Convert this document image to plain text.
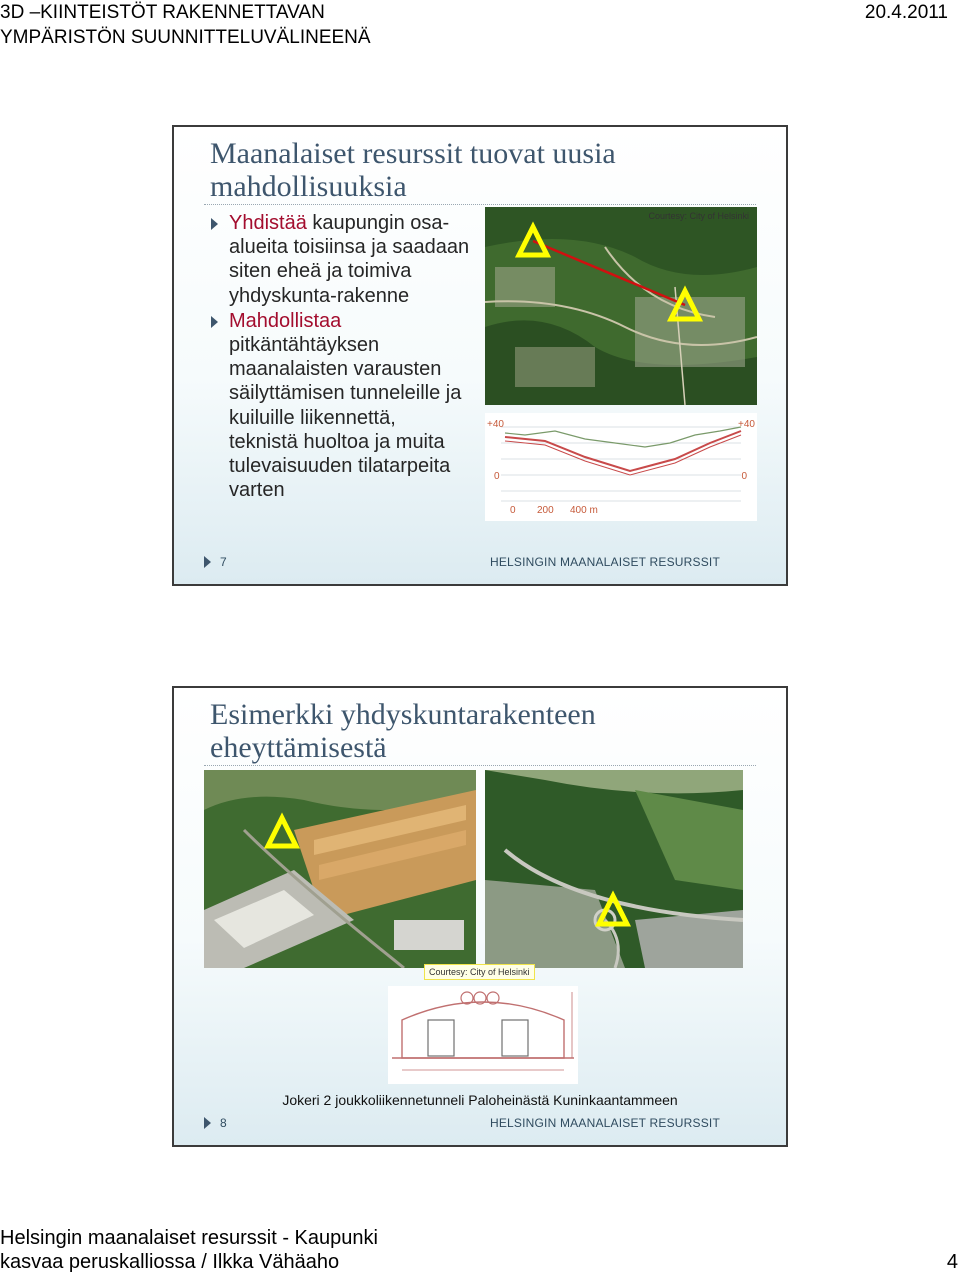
3D –KIINTEISTÖT RAKENNETTAVAN
YMPÄRISTÖN SUUNNITTELUVÄLINEENÄ
20.4.2011
Maanalaiset resurssit tuovat uusia mahdollisuuksia
Yhdistää kaupungin osa-alueita toisiinsa ja saadaan siten eheä ja toimiva yhdyskunta-rakenne
Mahdollistaa pitkäntähtäyksen maanalaisten varausten säilyttämisen tunneleille ja kuiluille liikennettä, teknistä huoltoa ja muita tulevaisuuden tilatarpeita varten
Courtesy: City of Helsinki
+40	+40
0	0
0 200 400 m
7	HELSINGIN MAANALAISET RESURSSIT
Esimerkki yhdyskuntarakenteen eheyttämisestä
Courtesy: City of Helsinki
Jokeri 2 joukkoliikennetunneli Paloheinästä Kuninkaantammeen
8	HELSINGIN MAANALAISET RESURSSIT
Helsingin maanalaiset resurssit - Kaupunki
kasvaa peruskalliossa / Ilkka Vähäaho	4
